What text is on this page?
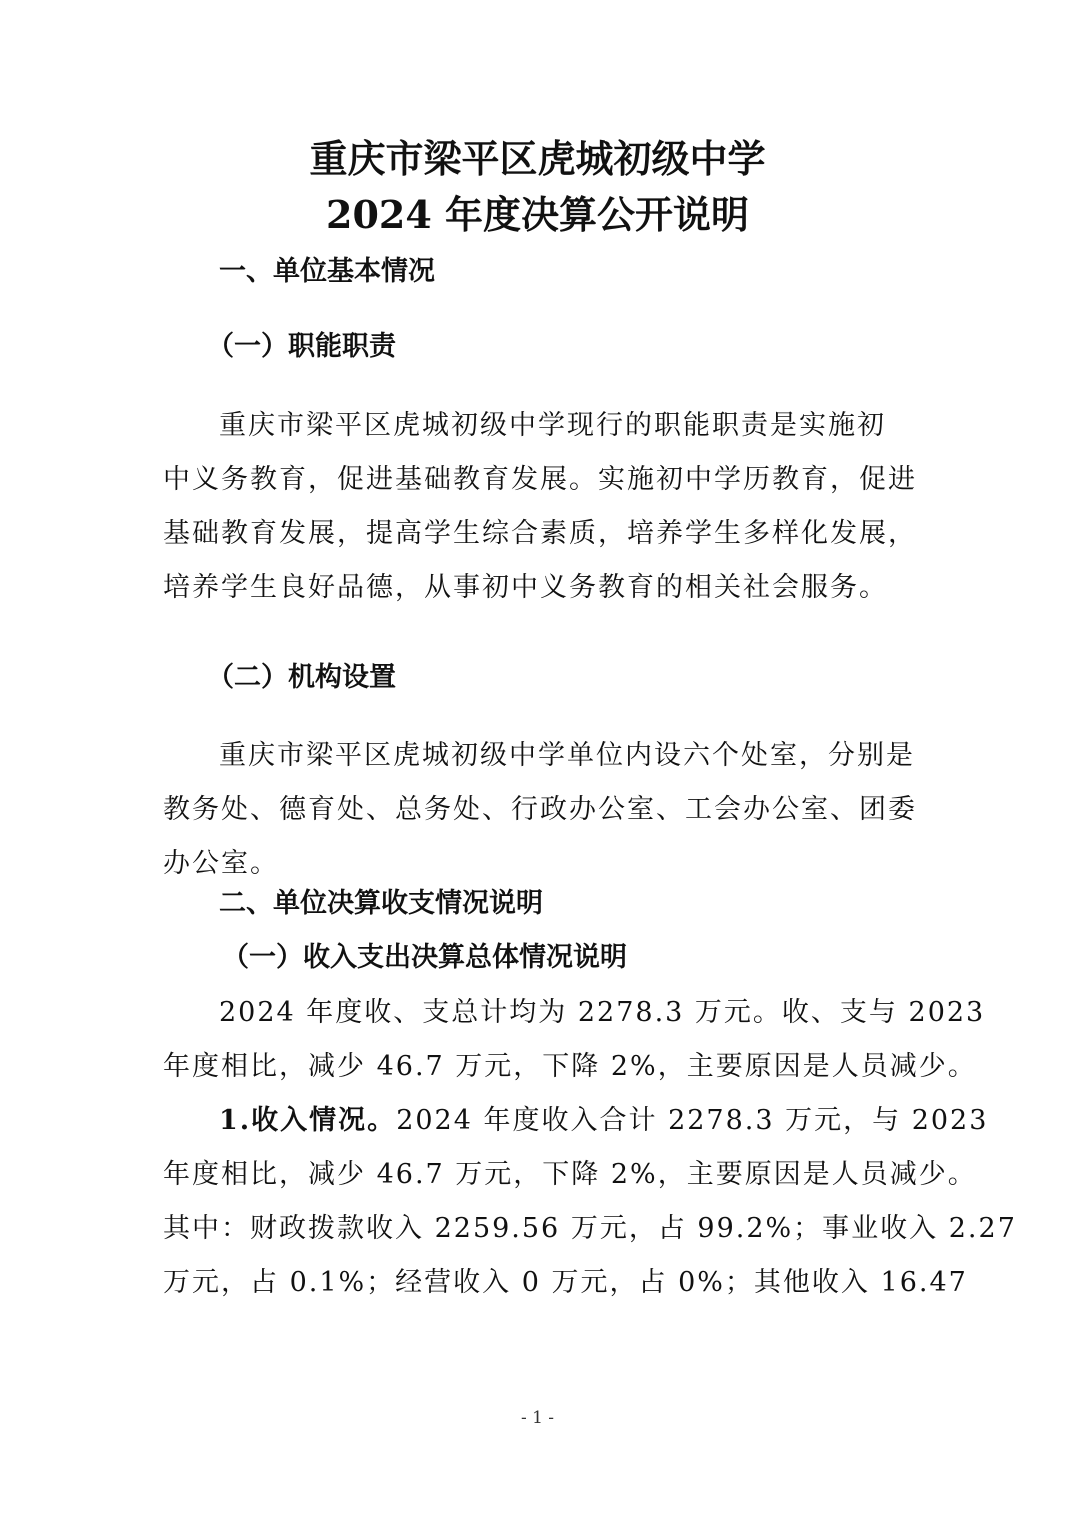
重庆市梁平区虎城初级中学
2024 年度决算公开说明
一、单位基本情况
（一）职能职责
重庆市梁平区虎城初级中学现行的职能职责是实施初
中义务教育，促进基础教育发展。实施初中学历教育，促进
基础教育发展，提高学生综合素质，培养学生多样化发展，
培养学生良好品德，从事初中义务教育的相关社会服务。
（二）机构设置
重庆市梁平区虎城初级中学单位内设六个处室，分别是
教务处、德育处、总务处、行政办公室、工会办公室、团委
办公室。
二、单位决算收支情况说明
（一）收入支出决算总体情况说明
2024 年度收、支总计均为 2278.3 万元。收、支与 2023
年度相比，减少 46.7 万元，下降 2%，主要原因是人员减少。
1.收入情况。2024 年度收入合计 2278.3 万元，与 2023
年度相比，减少 46.7 万元，下降 2%，主要原因是人员减少。
其中：财政拨款收入 2259.56 万元，占 99.2%；事业收入 2.27
万元，占 0.1%；经营收入 0 万元，占 0%；其他收入 16.47
- 1 -
